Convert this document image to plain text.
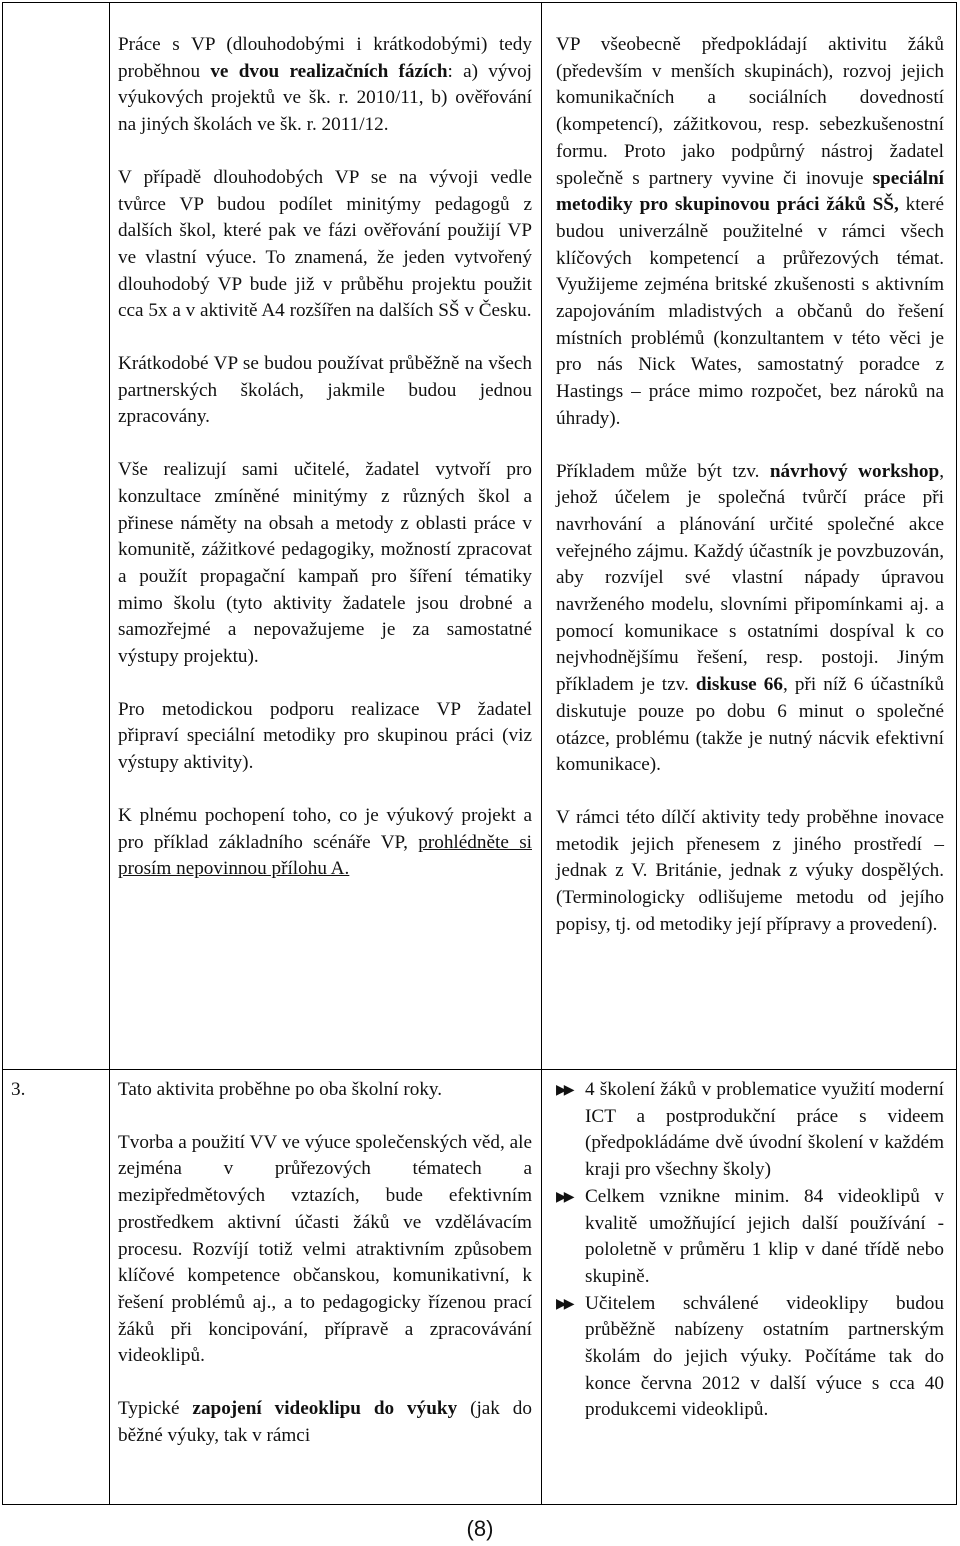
Práce s VP (dlouhodobými i krátkodobými) tedy proběhnou ve dvou realizačních fázích: a) vývoj výukových projektů ve šk. r. 2010/11, b) ověřování na jiných školách ve šk. r. 2011/12.

V případě dlouhodobých VP se na vývoji vedle tvůrce VP budou podílet minitýmy pedagogů z dalších škol, které pak ve fázi ověřování použijí VP ve vlastní výuce. To znamená, že jeden vytvořený dlouhodobý VP bude již v průběhu projektu použit cca 5x a v aktivitě A4 rozšířen na dalších SŠ v Česku.

Krátkodobé VP se budou používat průběžně na všech partnerských školách, jakmile budou jednou zpracovány.

Vše realizují sami učitelé, žadatel vytvoří pro konzultace zmíněné minitýmy z různých škol a přinese náměty na obsah a metody z oblasti práce v komunitě, zážitkové pedagogiky, možností zpracovat a použít propagační kampaň pro šíření tématiky mimo školu (tyto aktivity žadatele jsou drobné a samozřejmé a nepovažujeme je za samostatné výstupy projektu).

Pro metodickou podporu realizace VP žadatel připraví speciální metodiky pro skupinou práci (viz výstupy aktivity).

K plnému pochopení toho, co je výukový projekt a pro příklad základního scénáře VP, prohlédněte si prosím nepovinnou přílohu A.

VP všeobecně předpokládají aktivitu žáků (především v menších skupinách), rozvoj jejich komunikačních a sociálních dovedností (kompetencí), zážitkovou, resp. sebezkušenostní formu. Proto jako podpůrný nástroj žadatel společně s partnery vyvine či inovuje speciální metodiky pro skupinovou práci žáků SŠ, které budou univerzálně použitelné v rámci všech klíčových kompetencí a průřezových témat. Využijeme zejména britské zkušenosti s aktivním zapojováním mladistvých a občanů do řešení místních problémů (konzultantem v této věci je pro nás Nick Wates, samostatný poradce z Hastings – práce mimo rozpočet, bez nároků na úhrady).

Příkladem může být tzv. návrhový workshop, jehož účelem je společná tvůrčí práce při navrhování a plánování určité společné akce veřejného zájmu. Každý účastník je povzbuzován, aby rozvíjel své vlastní nápady úpravou navrženého modelu, slovními připomínkami aj. a pomocí komunikace s ostatními dospíval k co nejvhodnějšímu řešení, resp. postoji. Jiným příkladem je tzv. diskuse 66, při níž 6 účastníků diskutuje pouze po dobu 6 minut o společné otázce, problému (takže je nutný nácvik efektivní komunikace).

V rámci této dílčí aktivity tedy proběhne inovace metodik jejich přenesem z jiného prostředí – jednak z V. Británie, jednak z výuky dospělých. (Terminologicky odlišujeme metodu od jejího popisy, tj. od metodiky její přípravy a provedení).

3.	Tato aktivita proběhne po oba školní roky.

Tvorba a použití VV ve výuce společenských věd, ale zejména v průřezových tématech a mezipředmětových vztazích, bude efektivním prostředkem aktivní účasti žáků ve vzdělávacím procesu. Rozvíjí totiž velmi atraktivním způsobem klíčové kompetence občanskou, komunikativní, k řešení problémů aj., a to pedagogicky řízenou prací žáků při koncipování, přípravě a zpracovávání videoklipů.

Typické zapojení videoklipu do výuky (jak do běžné výuky, tak v rámci

▶▶ 4 školení žáků v problematice využití moderní ICT a postprodukční práce s videem (předpokládáme dvě úvodní školení v každém kraji pro všechny školy)
▶▶ Celkem vznikne minim. 84 videoklipů v kvalitě umožňující jejich další používání - pololetně v průměru 1 klip v dané třídě nebo skupině.
▶▶ Učitelem schválené videoklipy budou průběžně nabízeny ostatním partnerským školám do jejich výuky. Počítáme tak do konce června 2012 v další výuce s cca 40 produkcemi videoklipů.
(8)
